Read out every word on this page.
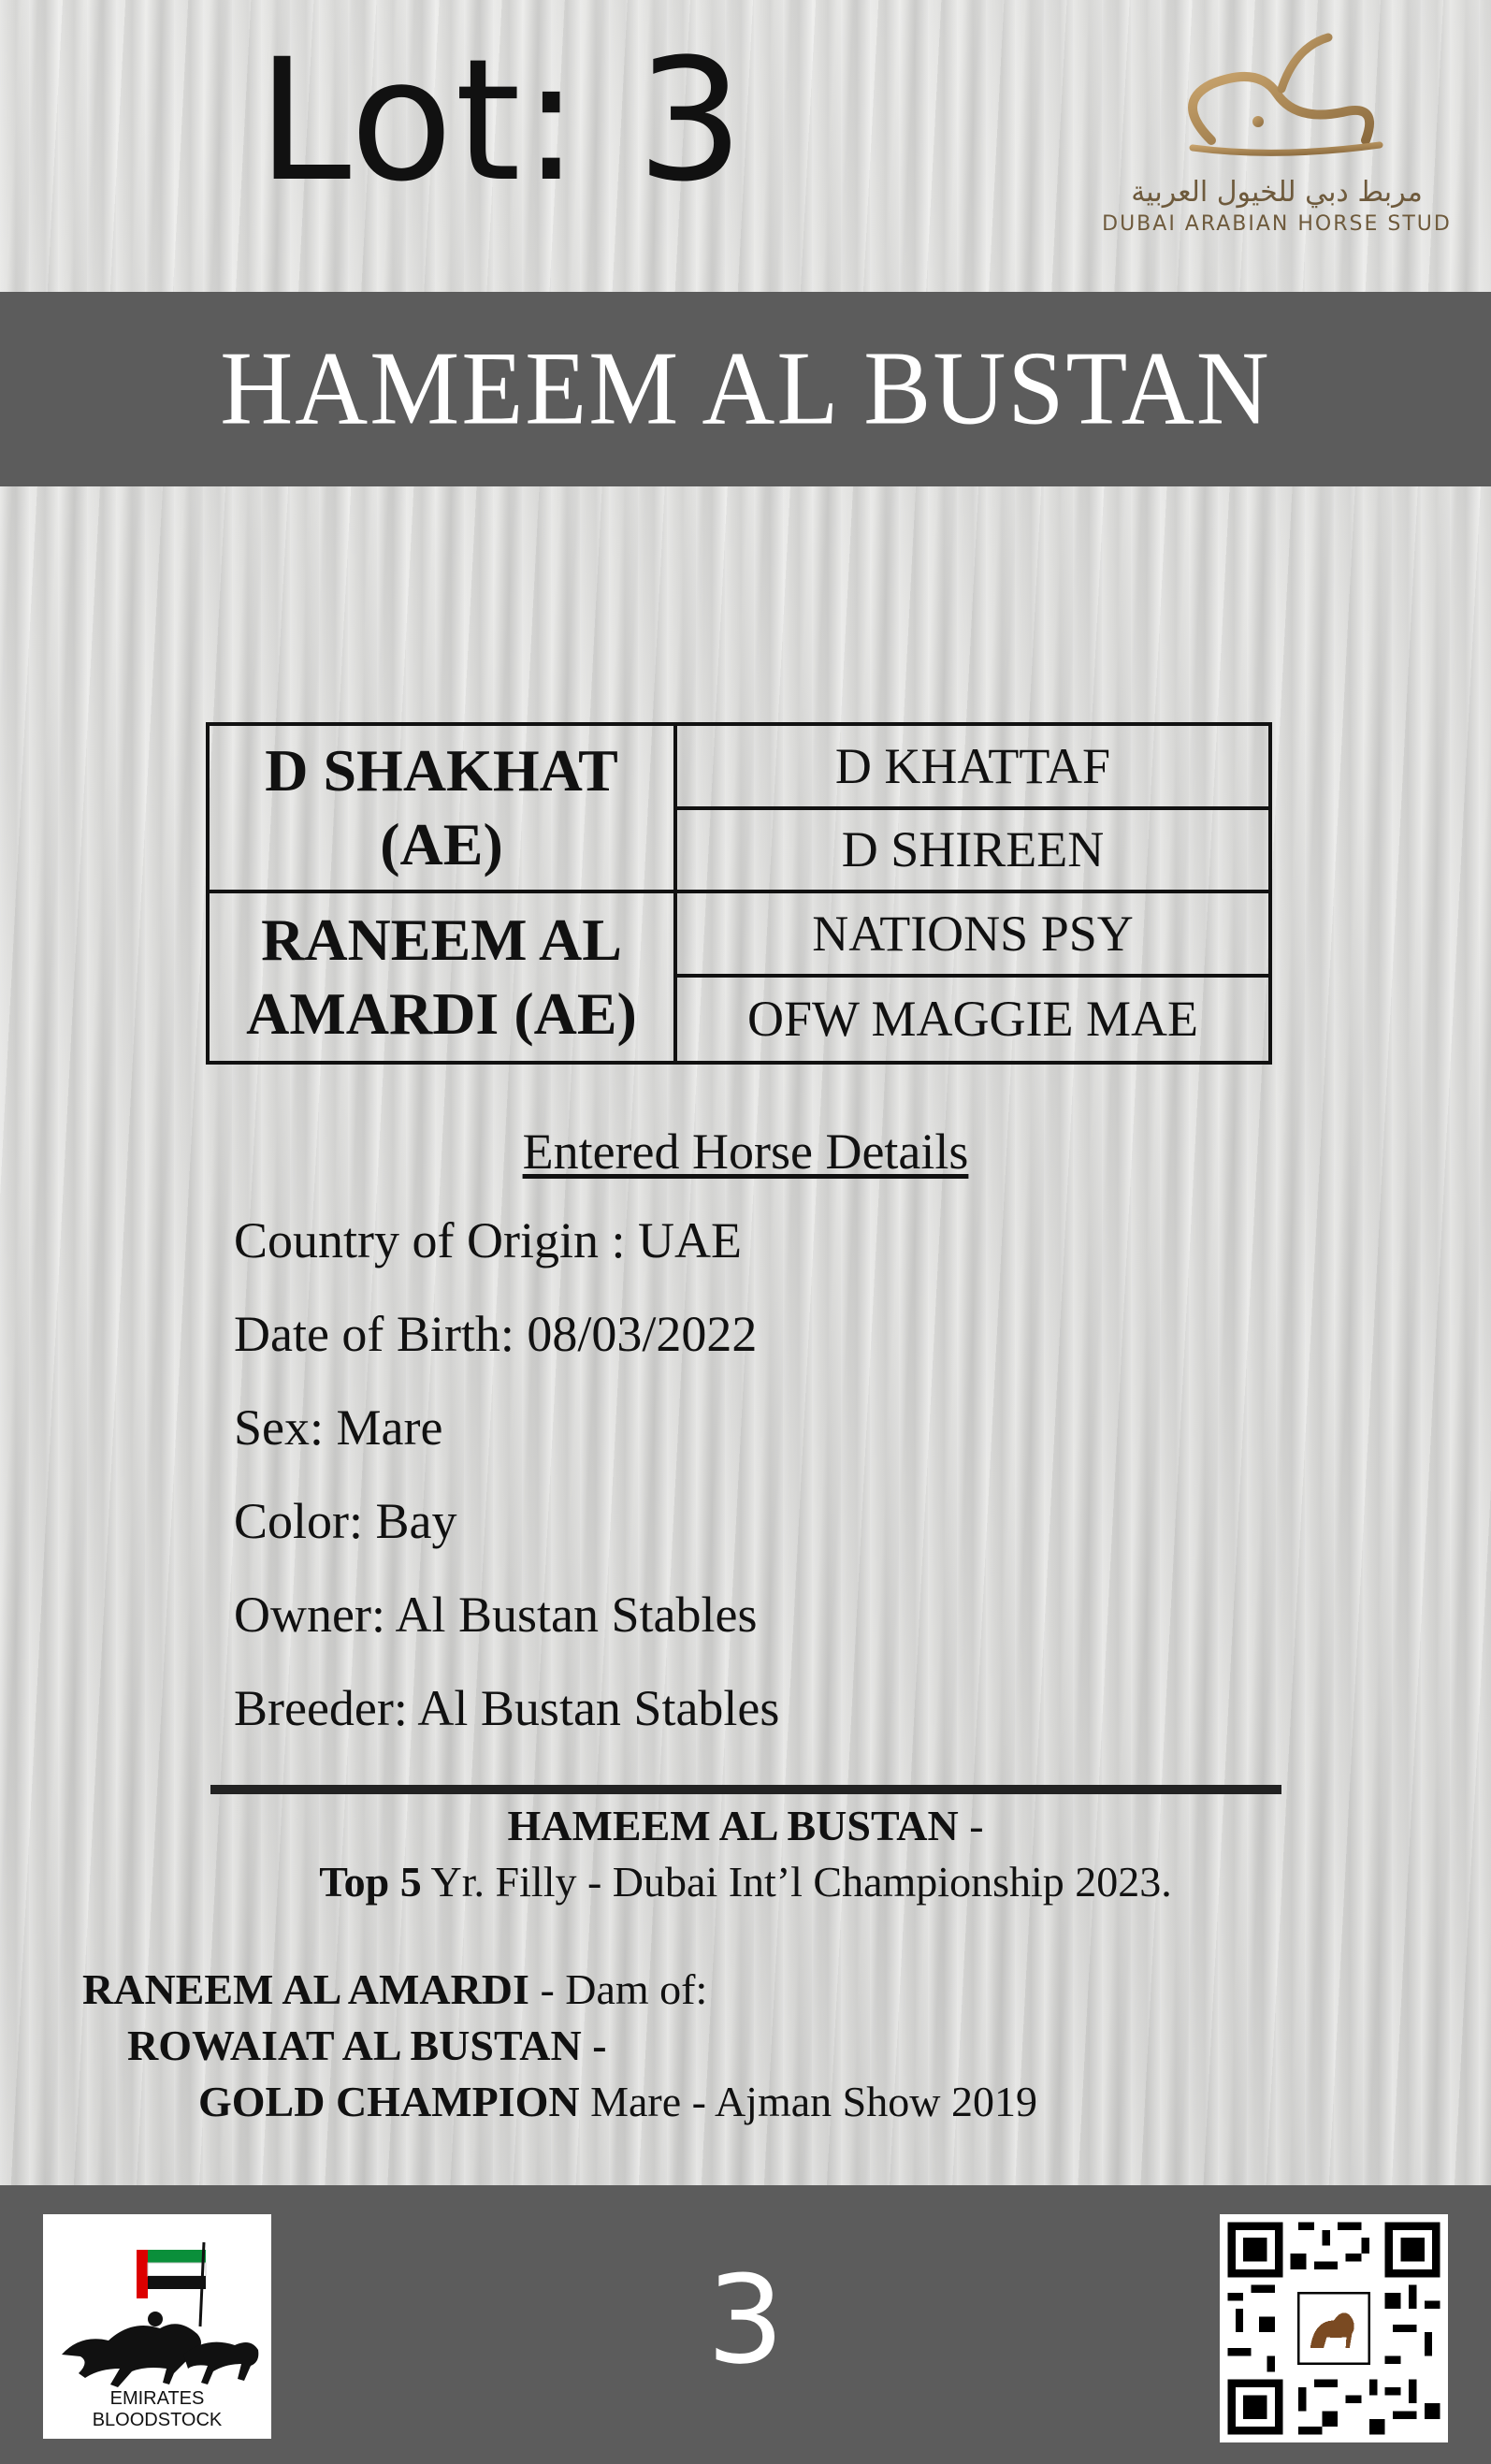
Lot: 3	مربط دبي للخيول العربية
DUBAI ARABIAN HORSE STUD
HAMEEM AL BUSTAN
D SHAKHAT (AE)
D KHATTAF
D SHIREEN
RANEEM AL AMARDI (AE)
NATIONS PSY
OFW MAGGIE MAE
Entered Horse Details
Country of Origin : UAE
Date of Birth: 08/03/2022
Sex: Mare
Color: Bay
Owner: Al Bustan Stables
Breeder: Al Bustan Stables
HAMEEM AL BUSTAN -
Top 5 Yr. Filly - Dubai Int’l Championship 2023.
RANEEM AL AMARDI - Dam of:
ROWAIAT AL BUSTAN -
GOLD CHAMPION Mare - Ajman Show 2019
EMIRATES BLOODSTOCK
3
